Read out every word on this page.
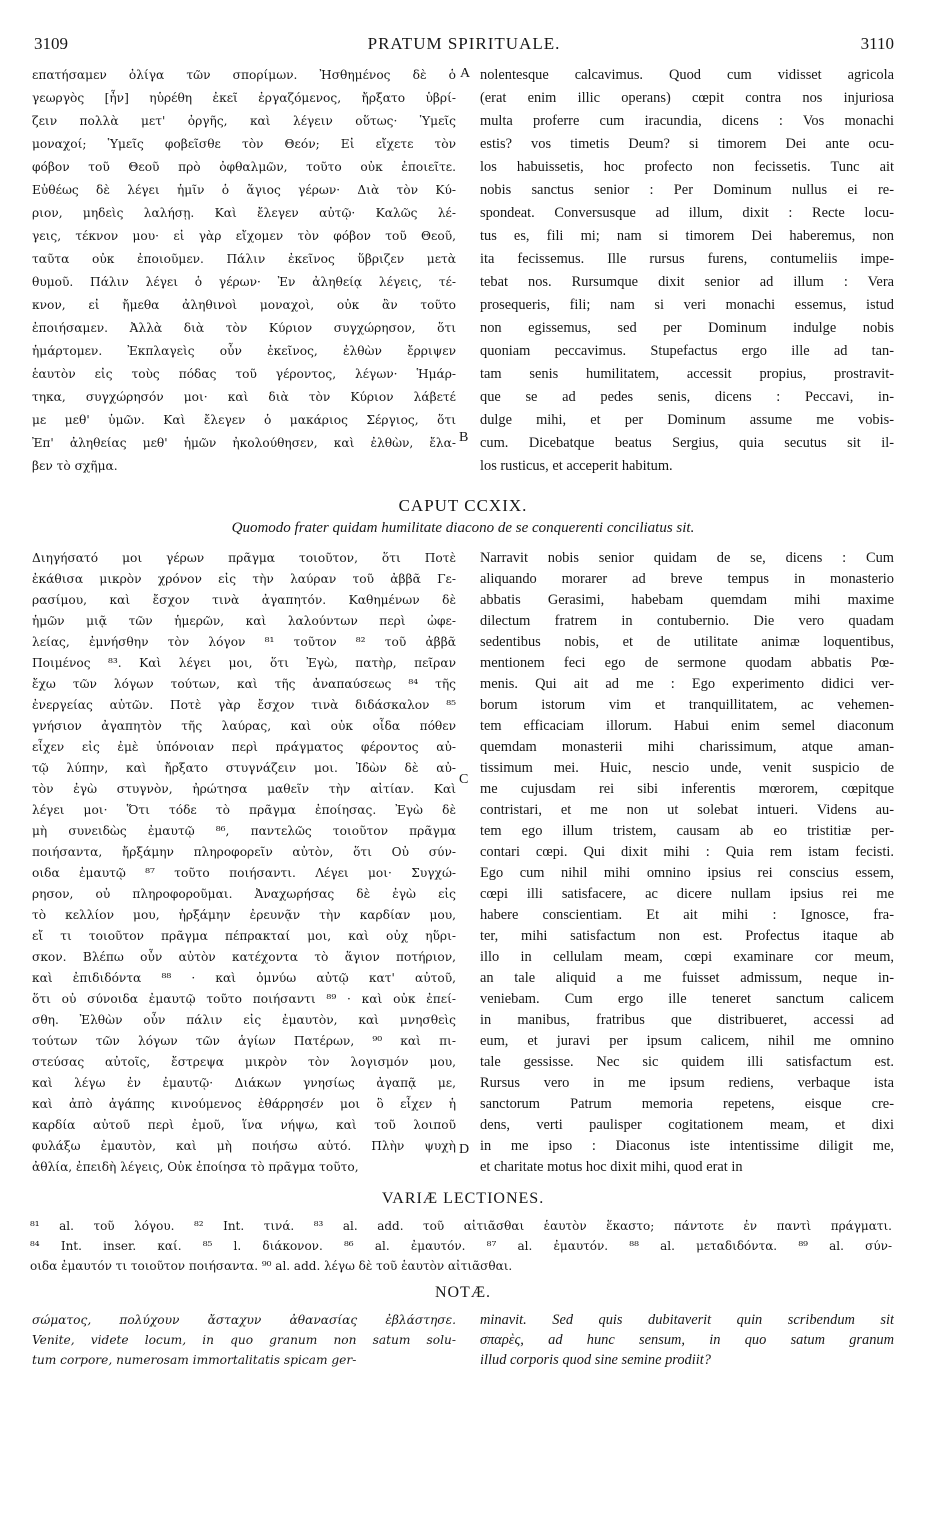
3109	PRATUM SPIRITUALE.	3110
επατήσαμεν ὀλίγα τῶν σπορίμων. Ἠσθημένος δὲ ὁ
γεωργὸς [ἦν] ηὑρέθη ἐκεῖ ἐργαζόμενος, ἤρξατο ὑβρί-
ζειν πολλὰ μετ' ὀργῆς, καὶ λέγειν οὕτως· Ὑμεῖς
μοναχοί; Ὑμεῖς φοβεῖσθε τὸν Θεόν; Εἰ εἴχετε τὸν
φόβον τοῦ Θεοῦ πρὸ ὀφθαλμῶν, τοῦτο οὐκ ἐποιεῖτε.
Εὐθέως δὲ λέγει ἡμῖν ὁ ἅγιος γέρων· Διὰ τὸν Κύ-
ριον, μηδεὶς λαλήσῃ. Καὶ ἔλεγεν αὐτῷ· Καλῶς λέ-
γεις, τέκνον μου· εἰ γὰρ εἴχομεν τὸν φόβον τοῦ Θεοῦ,
ταῦτα οὐκ ἐποιοῦμεν. Πάλιν ἐκεῖνος ὕβριζεν μετὰ
θυμοῦ. Πάλιν λέγει ὁ γέρων· Ἐν ἀληθείᾳ λέγεις, τέ-
κνον, εἰ ἤμεθα ἀληθινοὶ μοναχοὶ, οὐκ ἂν τοῦτο
ἐποιήσαμεν. Ἀλλὰ διὰ τὸν Κύριον συγχώρησον, ὅτι
ἡμάρτομεν. Ἐκπλαγεὶς οὖν ἐκεῖνος, ἐλθὼν ἔρριψεν
ἑαυτὸν εἰς τοὺς πόδας τοῦ γέροντος, λέγων· Ἡμάρ-
τηκα, συγχώρησόν μοι· καὶ διὰ τὸν Κύριον λάβετέ
με μεθ' ὑμῶν. Καὶ ἔλεγεν ὁ μακάριος Σέργιος, ὅτι
Ἐπ' ἀληθείας μεθ' ἡμῶν ἠκολούθησεν, καὶ ἐλθὼν, ἔλα-
βεν τὸ σχῆμα.
nolentesque calcavimus. Quod cum vidisset agricola
(erat enim illic operans) cœpit contra nos injuriosa
multa proferre cum iracundia, dicens : Vos monachi
estis? vos timetis Deum? si timorem Dei ante ocu-
los habuissetis, hoc profecto non fecissetis. Tunc ait
nobis sanctus senior : Per Dominum nullus ei re-
spondeat. Conversusque ad illum, dixit : Recte locu-
tus es, fili mi; nam si timorem Dei haberemus, non
ita fecissemus. Ille rursus furens, contumeliis impe-
tebat nos. Rursumque dixit senior ad illum : Vera
prosequeris, fili; nam si veri monachi essemus, istud
non egissemus, sed per Dominum indulge nobis
quoniam peccavimus. Stupefactus ergo ille ad tan-
tam senis humilitatem, accessit propius, prostravit-
que se ad pedes senis, dicens : Peccavi, in-
dulge mihi, et per Dominum assume me vobis-
cum. Dicebatque beatus Sergius, quia secutus sit il-
los rusticus, et acceperit habitum.
A
B
C
D
CAPUT CCXIX.
Quomodo frater quidam humilitate diacono de se conquerenti conciliatus sit.
Διηγήσατό μοι γέρων πρᾶγμα τοιοῦτον, ὅτι Ποτὲ
ἐκάθισα μικρὸν χρόνον εἰς τὴν λαύραν τοῦ ἀββᾶ Γε-
ρασίμου, καὶ ἔσχον τινὰ ἀγαπητόν. Καθημένων δὲ
ἡμῶν μιᾷ τῶν ἡμερῶν, καὶ λαλούντων περὶ ὠφε-
λείας, ἐμνήσθην τὸν λόγον ⁸¹ τοῦτον ⁸² τοῦ ἀββᾶ
Ποιμένος ⁸³. Καὶ λέγει μοι, ὅτι Ἐγὼ, πατὴρ, πεῖραν
ἔχω τῶν λόγων τούτων, καὶ τῆς ἀναπαύσεως ⁸⁴ τῆς
ἐνεργείας αὐτῶν. Ποτὲ γὰρ ἔσχον τινὰ διδάσκαλον ⁸⁵
γνήσιον ἀγαπητὸν τῆς λαύρας, καὶ οὐκ οἶδα πόθεν
εἶχεν εἰς ἐμὲ ὑπόνοιαν περὶ πράγματος φέροντος αὐ-
τῷ λύπην, καὶ ἤρξατο στυγνάζειν μοι. Ἰδὼν δὲ αὐ-
τὸν ἐγὼ στυγνὸν, ἠρώτησα μαθεῖν τὴν αἰτίαν. Καὶ
λέγει μοι· Ὅτι τόδε τὸ πρᾶγμα ἐποίησας. Ἐγὼ δὲ
μὴ συνειδὼς ἐμαυτῷ ⁸⁶, παντελῶς τοιοῦτον πρᾶγμα
ποιήσαντα, ἤρξάμην πληροφορεῖν αὐτὸν, ὅτι Οὐ σύν-
οιδα ἐμαυτῷ ⁸⁷ τοῦτο ποιήσαντι. Λέγει μοι· Συγχώ-
ρησον, οὐ πληροφοροῦμαι. Ἀναχωρήσας δὲ ἐγὼ εἰς
τὸ κελλίον μου, ἠρξάμην ἐρευνᾷν τὴν καρδίαν μου,
εἴ τι τοιοῦτον πρᾶγμα πέπρακταί μοι, καὶ οὐχ ηὕρι-
σκον. Βλέπω οὖν αὐτὸν κατέχοντα τὸ ἅγιον ποτήριον,
καὶ ἐπιδιδόντα ⁸⁸ · καὶ ὀμνύω αὐτῷ κατ' αὐτοῦ,
ὅτι οὐ σύνοιδα ἐμαυτῷ τοῦτο ποιήσαντι ⁸⁹ · καὶ οὐκ ἐπεί-
σθη. Ἐλθὼν οὖν πάλιν εἰς ἐμαυτὸν, καὶ μνησθεὶς
τούτων τῶν λόγων τῶν ἁγίων Πατέρων, ⁹⁰ καὶ πι-
στεύσας αὐτοῖς, ἔστρεψα μικρὸν τὸν λογισμόν μου,
καὶ λέγω ἐν ἐμαυτῷ· Διάκων γνησίως ἀγαπᾷ με,
καὶ ἀπὸ ἀγάπης κινούμενος ἐθάρρησέν μοι ὃ εἶχεν ἡ
καρδία αὐτοῦ περὶ ἐμοῦ, ἵνα νήψω, καὶ τοῦ λοιποῦ
φυλάξω ἐμαυτὸν, καὶ μὴ ποιήσω αὐτό. Πλὴν ψυχὴ
ἀθλία, ἐπειδὴ λέγεις, Οὐκ ἐποίησα τὸ πρᾶγμα τοῦτο,
Narravit nobis senior quidam de se, dicens : Cum
aliquando morarer ad breve tempus in monasterio
abbatis Gerasimi, habebam quemdam mihi maxime
dilectum fratrem in contubernio. Die vero quadam
sedentibus nobis, et de utilitate animæ loquentibus,
mentionem feci ego de sermone quodam abbatis Pœ-
menis. Qui ait ad me : Ego experimento didici ver-
borum istorum vim et tranquillitatem, ac vehemen-
tem efficaciam illorum. Habui enim semel diaconum
quemdam monasterii mihi charissimum, atque aman-
tissimum mei. Huic, nescio unde, venit suspicio de
me cujusdam rei sibi inferentis mœrorem, cœpitque
contristari, et me non ut solebat intueri. Videns au-
tem ego illum tristem, causam ab eo tristitiæ per-
contari cœpi. Qui dixit mihi : Quia rem istam fecisti.
Ego cum nihil mihi omnino ipsius rei conscius essem,
cœpi illi satisfacere, ac dicere nullam ipsius rei me
habere conscientiam. Et ait mihi : Ignosce, fra-
ter, mihi satisfactum non est. Profectus itaque ab
illo in cellulam meam, cœpi examinare cor meum,
an tale aliquid a me fuisset admissum, neque in-
veniebam. Cum ergo ille teneret sanctum calicem
in manibus, fratribus que distribueret, accessi ad
eum, et juravi per ipsum calicem, nihil me omnino
tale gessisse. Nec sic quidem illi satisfactum est.
Rursus vero in me ipsum rediens, verbaque ista
sanctorum Patrum memoria repetens, eisque cre-
dens, verti paulisper cogitationem meam, et dixi
in me ipso : Diaconus iste intentissime diligit me,
et charitate motus hoc dixit mihi, quod erat in
VARIÆ LECTIONES.
⁸¹ al. τοῦ λόγου. ⁸² Int. τινά. ⁸³ al. add. τοῦ αἰτιᾶσθαι ἑαυτὸν ἕκαστο; πάντοτε ἐν παντὶ πράγματι.
⁸⁴ Int. inser. καί. ⁸⁵ l. διάκονον. ⁸⁶ al. ἐμαυτόν. ⁸⁷ al. ἐμαυτόν. ⁸⁸ al. μεταδιδόντα. ⁸⁹ al. σύν-
οιδα ἐμαυτόν τι τοιοῦτον ποιήσαντα. ⁹⁰ al. add. λέγω δὲ τοῦ ἑαυτὸν αἰτιᾶσθαι.
NOTÆ.
σώματος, πολύχουν ἄσταχυν ἀθανασίας ἐβλάστησε.
Venite, videte locum, in quo granum non satum solu-
tum corpore, numerosam immortalitatis spicam ger-
minavit. Sed quis dubitaverit quin scribendum sit
σπαρὲς, ad hunc sensum, in quo satum granum
illud corporis quod sine semine prodiit?
